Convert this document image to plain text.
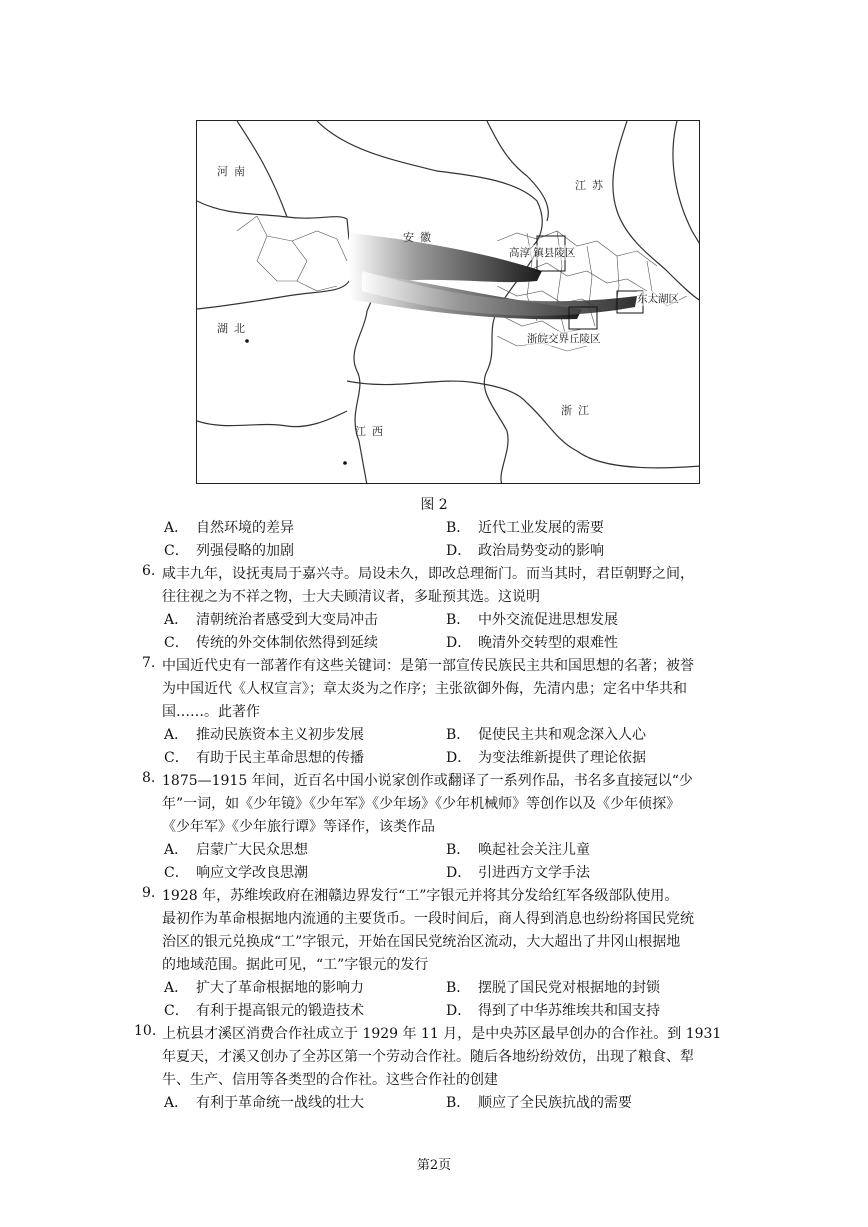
河南
江苏
安徽
湖北
浙江
江西
高淳 镇县陵区
东太湖区
浙皖交界丘陵区
图 2
A． 自然环境的差异	B． 近代工业发展的需要
C． 列强侵略的加剧	D． 政治局势变动的影响
6. 咸丰九年，设抚夷局于嘉兴寺。局设未久，即改总理衙门。而当其时，君臣朝野之间，
往往视之为不祥之物，士大夫顾清议者，多耻预其选。这说明
A． 清朝统治者感受到大变局冲击	B． 中外交流促进思想发展
C． 传统的外交体制依然得到延续	D． 晚清外交转型的艰难性
7. 中国近代史有一部著作有这些关键词：是第一部宣传民族民主共和国思想的名著；被誉
为中国近代《人权宣言》；章太炎为之作序；主张欲御外侮，先清内患；定名中华共和
国……。此著作
A． 推动民族资本主义初步发展	B． 促使民主共和观念深入人心
C． 有助于民主革命思想的传播	D． 为变法维新提供了理论依据
8. 1875—1915 年间，近百名中国小说家创作或翻译了一系列作品，书名多直接冠以“少
年”一词，如《少年镜》《少年军》《少年场》《少年机械师》等创作以及《少年侦探》
《少年军》《少年旅行谭》等译作，该类作品
A． 启蒙广大民众思想	B． 唤起社会关注儿童
C． 响应文学改良思潮	D． 引进西方文学手法
9. 1928 年，苏维埃政府在湘赣边界发行“工”字银元并将其分发给红军各级部队使用。
最初作为革命根据地内流通的主要货币。一段时间后，商人得到消息也纷纷将国民党统
治区的银元兑换成“工”字银元，开始在国民党统治区流动，大大超出了井冈山根据地
的地域范围。据此可见，“工”字银元的发行
A． 扩大了革命根据地的影响力	B． 摆脱了国民党对根据地的封锁
C． 有利于提高银元的锻造技术	D． 得到了中华苏维埃共和国支持
10. 上杭县才溪区消费合作社成立于 1929 年 11 月，是中央苏区最早创办的合作社。到 1931
年夏天，才溪又创办了全苏区第一个劳动合作社。随后各地纷纷效仿，出现了粮食、犁
牛、生产、信用等各类型的合作社。这些合作社的创建
A． 有利于革命统一战线的壮大	B． 顺应了全民族抗战的需要
第2页
